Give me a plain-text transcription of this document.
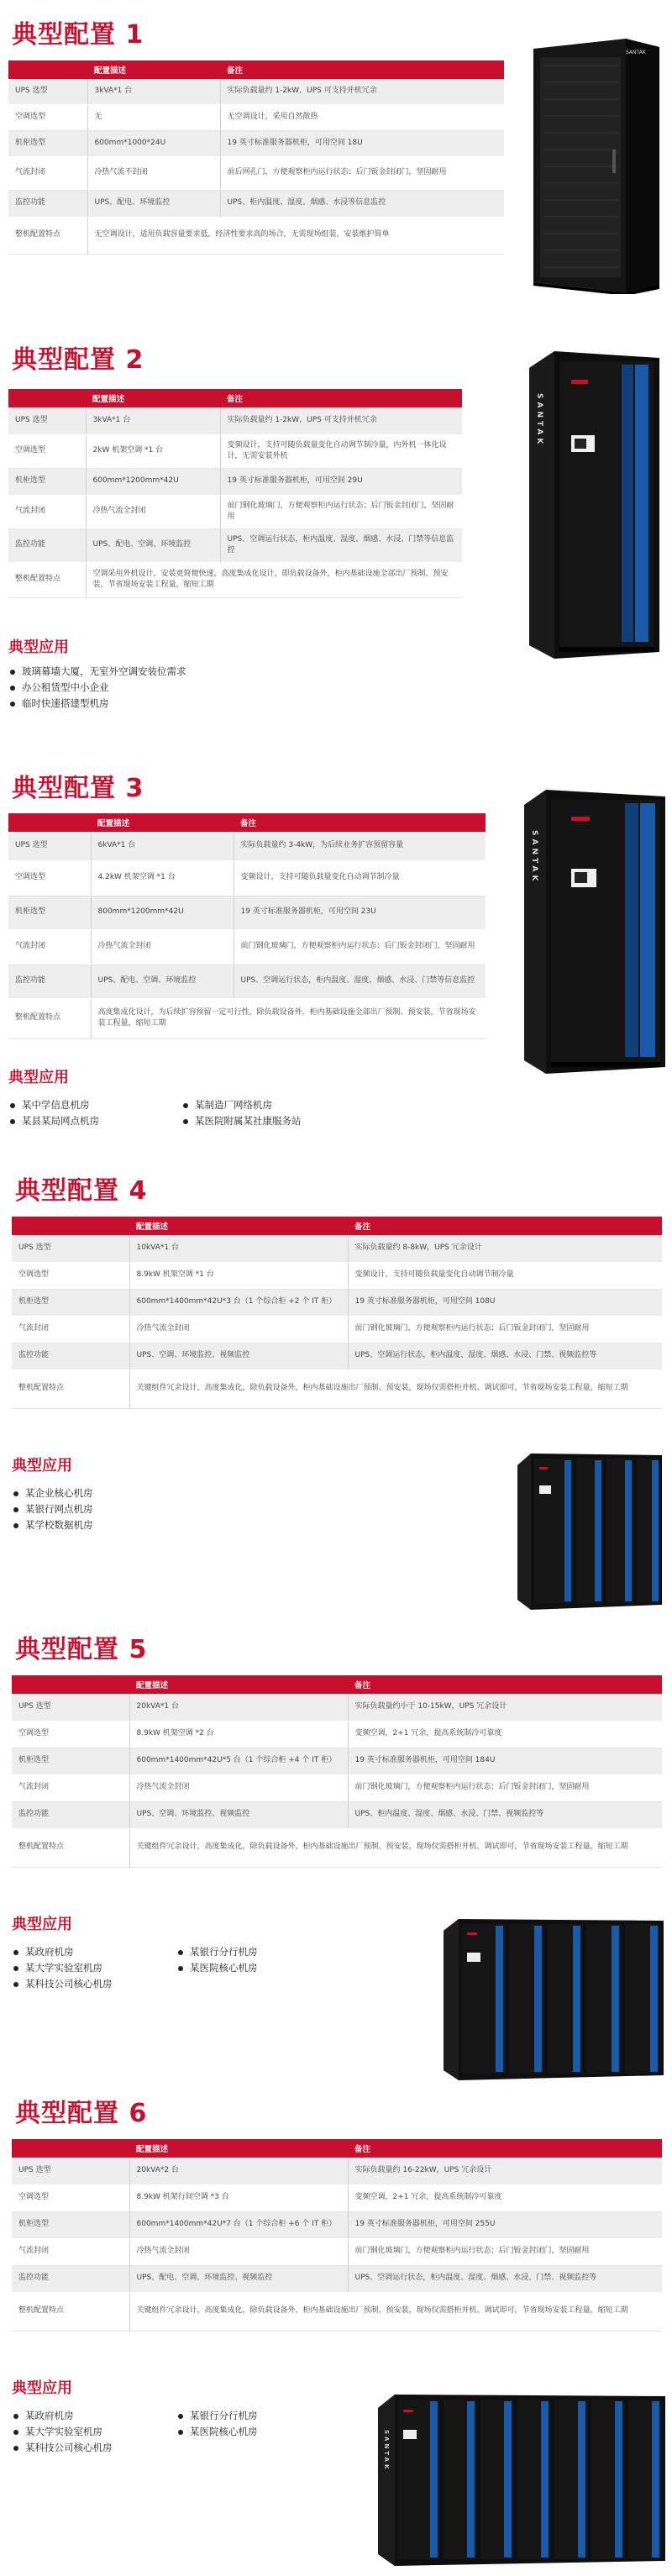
典型配置 1
	配置描述	备注
UPS 选型	3kVA*1 台	实际负载量约 1-2kW，UPS 可支持并机冗余
空调选型	无	无空调设计，采用自然散热
机柜选型	600mm*1000*24U	19 英寸标准服务器机柜，可用空间 18U
气流封闭	冷热气流不封闭	前后网孔门，方便观察柜内运行状态；后门钣金封闭门，坚固耐用
监控功能	UPS、配电、环境监控	UPS、柜内温度、湿度、烟感、水浸等信息监控
整机配置特点	无空调设计，适用负载容量要求低，经济性要求高的场合，无需现场组装，安装维护简单	
SANTAK
典型配置 2
	配置描述	备注
UPS 选型	3kVA*1 台	实际负载量约 1-2kW，UPS 可支持并机冗余
空调选型	2kW 机架空调 *1 台	变频设计，支持可随负载量变化自动调节制冷量，内外机一体化设计，无需安装外机
机柜选型	600mm*1200mm*42U	19 英寸标准服务器机柜，可用空间 29U
气流封闭	冷热气流全封闭	前门钢化玻璃门，方便观察柜内运行状态；后门钣金封闭门，坚固耐用
监控功能	UPS、配电、空调、环境监控	UPS、空调运行状态，柜内温度、湿度、烟感、水浸、门禁等信息监控
整机配置特点	空调采用外机设计，安装更简便快速，高度集成化设计，即负载设备外，柜内基础设施全部出厂预制、预安装，节省现场安装工程量，缩短工期	
典型应用
玻璃幕墙大厦，无室外空调安装位需求
办公租赁型中小企业
临时快速搭建型机房
SANTAK
典型配置 3
	配置描述	备注
UPS 选型	6kVA*1 台	实际负载量约 3-4kW，为后续业务扩容预留容量
空调选型	4.2kW 机架空调 *1 台	变频设计，支持可随负载量变化自动调节制冷量
机柜选型	800mm*1200mm*42U	19 英寸标准服务器机柜，可用空间 23U
气流封闭	冷热气流全封闭	前门钢化玻璃门，方便观察柜内运行状态；后门钣金封闭门，坚固耐用
监控功能	UPS、配电、空调、环境监控	UPS、空调运行状态，柜内温度、湿度、烟感、水浸、门禁等信息监控
整机配置特点	高度集成化设计，为后续扩容预留一定可行性，除负载设备外，柜内基础设施全部出厂预制、预安装，节省现场安装工程量，缩短工期	
典型应用
某中学信息机房
某县某局网点机房
某制造厂网络机房
某医院附属某社康服务站
SANTAK
典型配置 4
	配置描述	备注
UPS 选型	10kVA*1 台	实际负载量约 8-8kW，UPS 冗余设计
空调选型	8.9kW 机架空调 *1 台	变频设计，支持可随负载量变化自动调节制冷量
机柜选型	600mm*1400mm*42U*3 台（1 个综合柜 +2 个 IT 柜）	19 英寸标准服务器机柜，可用空间 108U
气流封闭	冷热气流全封闭	前门钢化玻璃门，方便观察柜内运行状态；后门钣金封闭门，坚固耐用
监控功能	UPS、空调、环境监控、视频监控	UPS、空调运行状态，柜内温度、湿度、烟感、水浸、门禁、视频监控等
整机配置特点	关键组件冗余设计，高度集成化，除负载设备外，柜内基础设施出厂预制、预安装，现场仅需搭柜并机、调试即可，节省现场安装工程量，缩短工期	
典型应用
某企业核心机房
某银行网点机房
某学校数据机房
典型配置 5
	配置描述	备注
UPS 选型	20kVA*1 台	实际负载量约小于 10-15kW，UPS 冗余设计
空调选型	8.9kW 机架空调 *2 台	变频空调，2+1 冗余，提高系统制冷可靠度
机柜选型	600mm*1400mm*42U*5 台（1 个综合柜 +4 个 IT 柜）	19 英寸标准服务器机柜，可用空间 184U
气流封闭	冷热气流全封闭	前门钢化玻璃门，方便观察柜内运行状态；后门钣金封闭门，坚固耐用
监控功能	UPS、空调、环境监控、视频监控	UPS、柜内温度、湿度、烟感、水浸、门禁、视频监控等
整机配置特点	关键组件冗余设计，高度集成化，除负载设备外，柜内基础设施出厂预制、预安装，现场仅需搭柜并机、调试即可，节省现场安装工程量，缩短工期	
典型应用
某政府机房
某大学实验室机房
某科技公司核心机房
某银行分行机房
某医院核心机房
典型配置 6
	配置描述	备注
UPS 选型	20kVA*2 台	实际负载量约 16-22kW，UPS 冗余设计
空调选型	8.9kW 机架行间空调 *3 台	变频空调，2+1 冗余，提高系统制冷可靠度
机柜选型	600mm*1400mm*42U*7 台（1 个综合柜 +6 个 IT 柜）	19 英寸标准服务器机柜，可用空间 255U
气流封闭	冷热气流全封闭	前门钢化玻璃门，方便观察柜内运行状态；后门钣金封闭门，坚固耐用
监控功能	UPS、配电、空调、环境监控、视频监控	UPS、空调运行状态，柜内温度、湿度、烟感、水浸、门禁、视频监控等
整机配置特点	关键组件冗余设计，高度集成化，除负载设备外，柜内基础设施出厂预制、预安装，现场仅需搭柜并机、调试即可，节省现场安装工程量，缩短工期	
典型应用
某政府机房
某大学实验室机房
某科技公司核心机房
某银行分行机房
某医院核心机房	SANTAK
